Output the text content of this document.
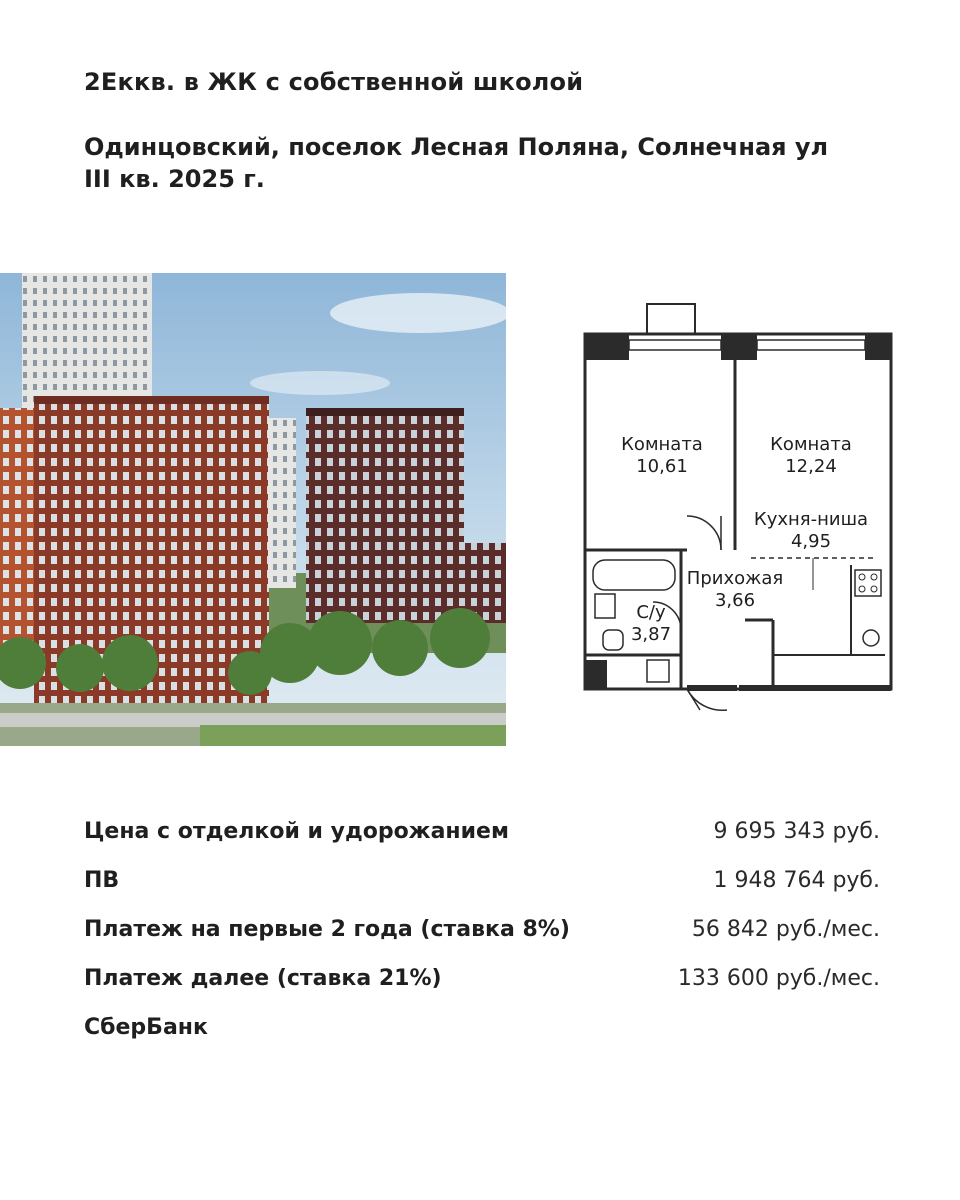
2Еккв. в ЖК с собственной школой
Одинцовский, поселок Лесная Поляна, Солнечная ул
III кв. 2025 г.
Комната
10,61
Комната
12,24
Кухня-ниша
4,95
Прихожая
3,66
С/у
3,87
Цена с отделкой и удорожанием	9 695 343 руб.
ПВ	1 948 764 руб.
Платеж на первые 2 года (ставка 8%)	56 842 руб./мес.
Платеж далее (ставка 21%)	133 600 руб./мес.
СберБанк
